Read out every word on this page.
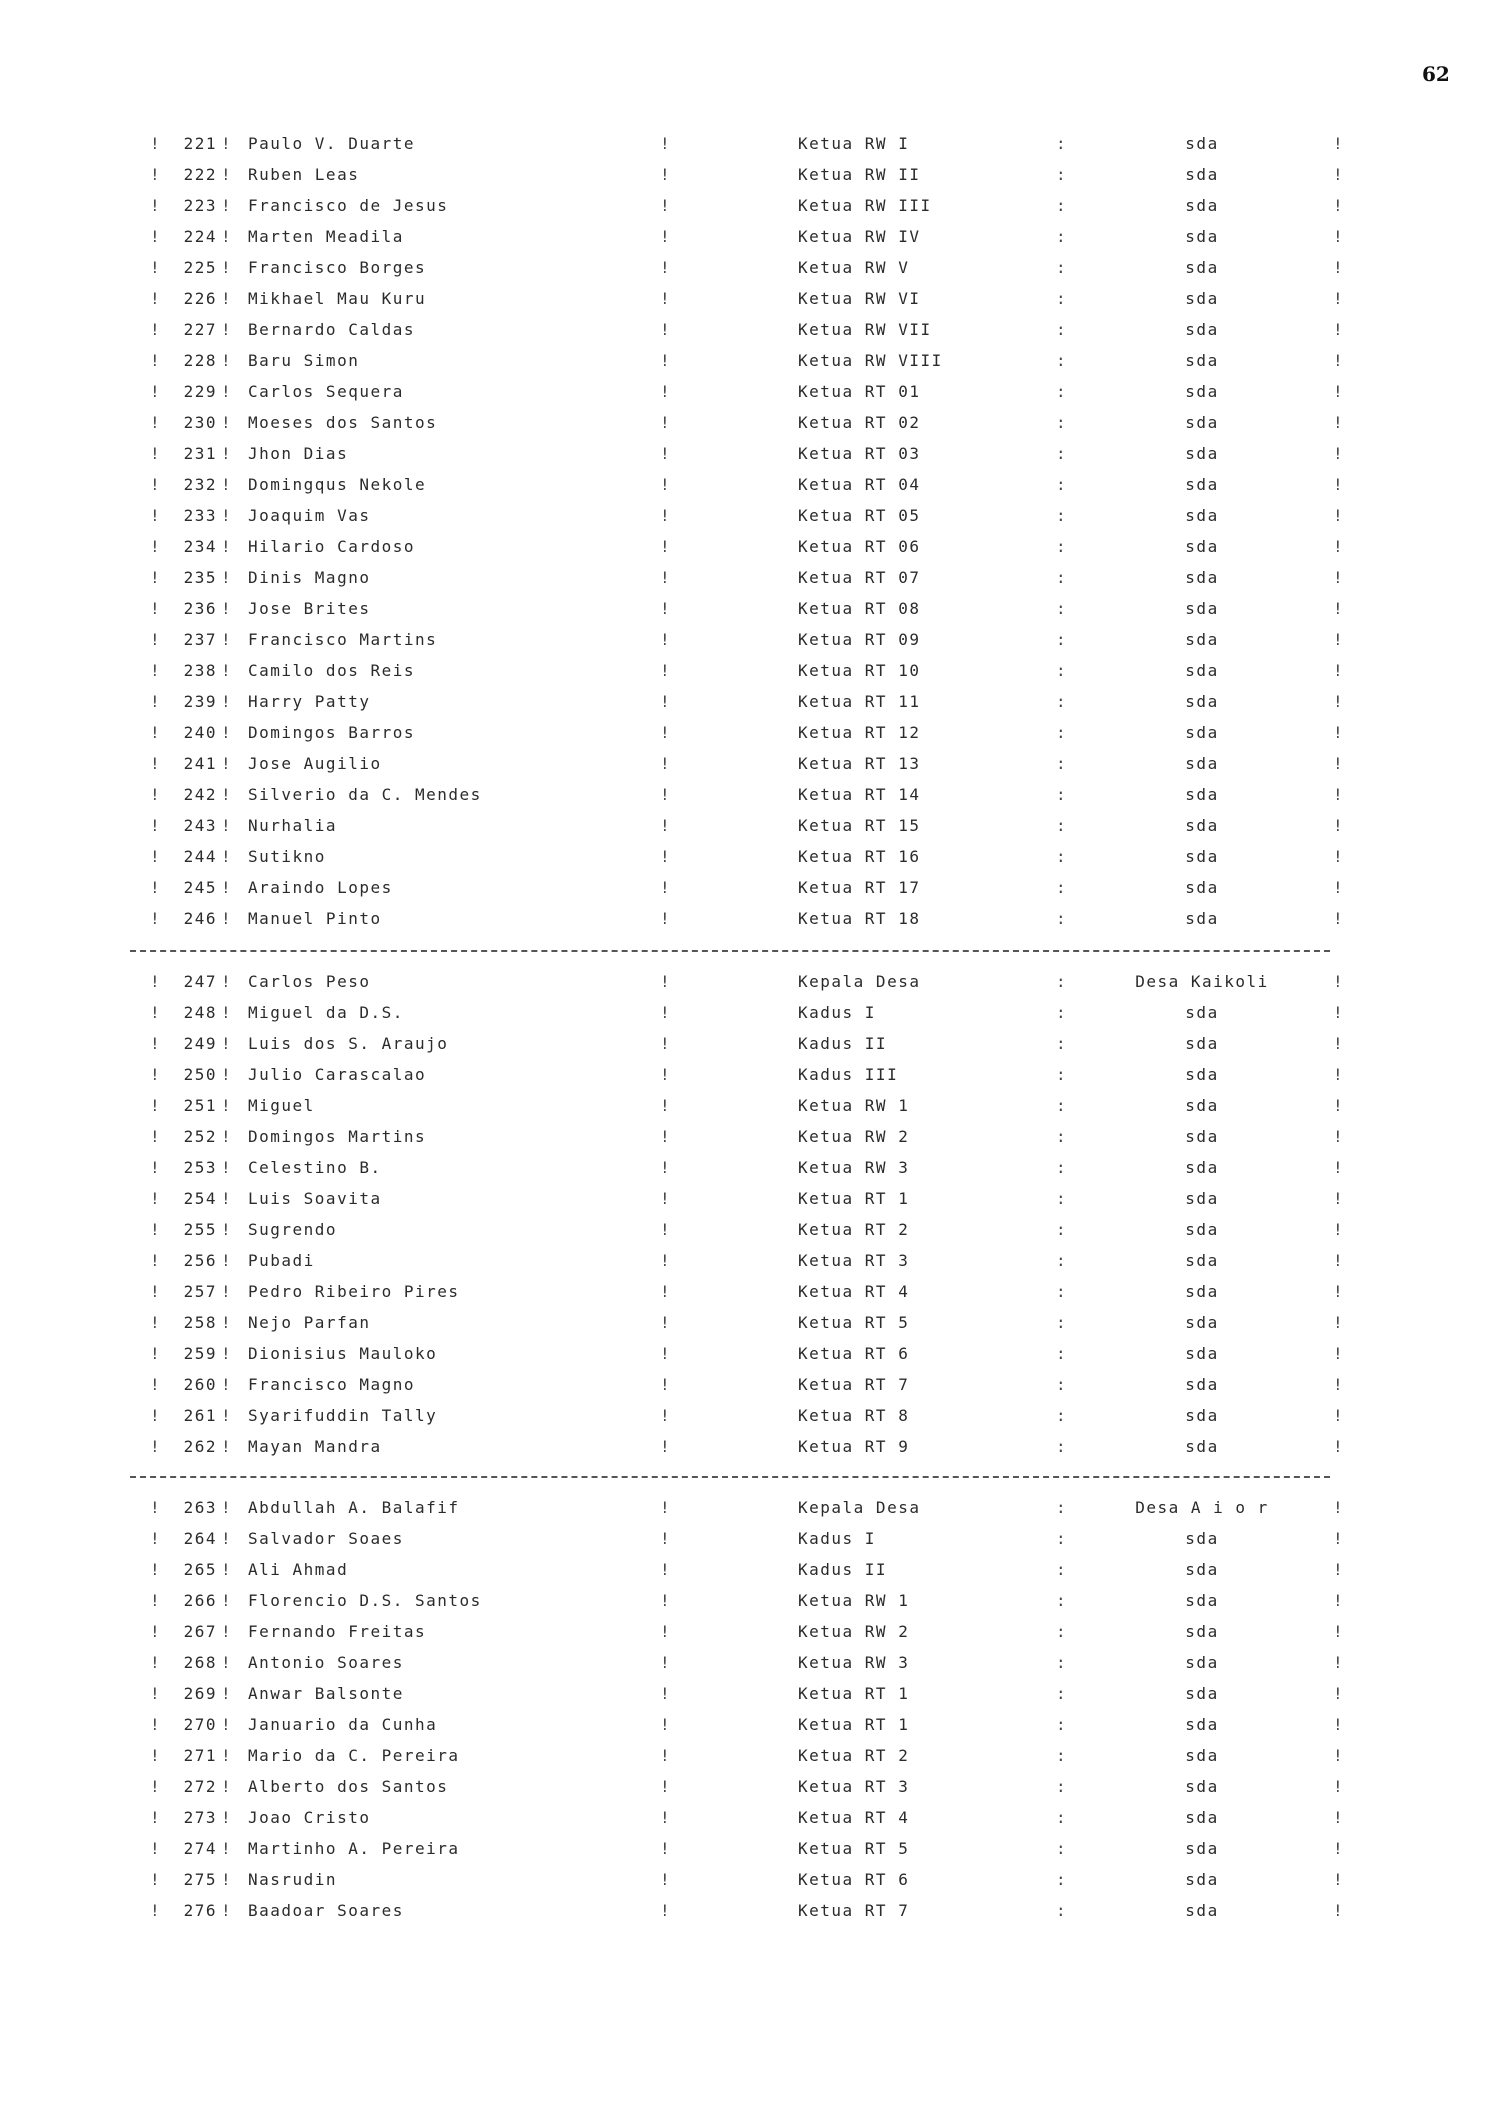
62
!	221 ! Paulo V. Duarte	!	Ketua RW I	:	sda	!
!	222 ! Ruben Leas	!	Ketua RW II	:	sda	!
!	223 ! Francisco de Jesus	!	Ketua RW III	:	sda	!
!	224 ! Marten Meadila	!	Ketua RW IV	:	sda	!
!	225 ! Francisco Borges	!	Ketua RW V	:	sda	!
!	226 ! Mikhael Mau Kuru	!	Ketua RW VI	:	sda	!
!	227 ! Bernardo Caldas	!	Ketua RW VII	:	sda	!
!	228 ! Baru Simon	!	Ketua RW VIII	:	sda	!
!	229 ! Carlos Sequera	!	Ketua RT 01	:	sda	!
!	230 ! Moeses dos Santos	!	Ketua RT 02	:	sda	!
!	231 ! Jhon Dias	!	Ketua RT 03	:	sda	!
!	232 ! Domingqus Nekole	!	Ketua RT 04	:	sda	!
!	233 ! Joaquim Vas	!	Ketua RT 05	:	sda	!
!	234 ! Hilario Cardoso	!	Ketua RT 06	:	sda	!
!	235 ! Dinis Magno	!	Ketua RT 07	:	sda	!
!	236 ! Jose Brites	!	Ketua RT 08	:	sda	!
!	237 ! Francisco Martins	!	Ketua RT 09	:	sda	!
!	238 ! Camilo dos Reis	!	Ketua RT 10	:	sda	!
!	239 ! Harry Patty	!	Ketua RT 11	:	sda	!
!	240 ! Domingos Barros	!	Ketua RT 12	:	sda	!
!	241 ! Jose Augilio	!	Ketua RT 13	:	sda	!
!	242 ! Silverio da C. Mendes	!	Ketua RT 14	:	sda	!
!	243 ! Nurhalia	!	Ketua RT 15	:	sda	!
!	244 ! Sutikno	!	Ketua RT 16	:	sda	!
!	245 ! Araindo Lopes	!	Ketua RT 17	:	sda	!
!	246 ! Manuel Pinto	!	Ketua RT 18	:	sda	!
!	247 ! Carlos Peso	!	Kepala Desa	:	Desa Kaikoli	!
!	248 ! Miguel da D.S.	!	Kadus I	:	sda	!
!	249 ! Luis dos S. Araujo	!	Kadus II	:	sda	!
!	250 ! Julio Carascalao	!	Kadus III	:	sda	!
!	251 ! Miguel	!	Ketua RW 1	:	sda	!
!	252 ! Domingos Martins	!	Ketua RW 2	:	sda	!
!	253 ! Celestino B.	!	Ketua RW 3	:	sda	!
!	254 ! Luis Soavita	!	Ketua RT 1	:	sda	!
!	255 ! Sugrendo	!	Ketua RT 2	:	sda	!
!	256 ! Pubadi	!	Ketua RT 3	:	sda	!
!	257 ! Pedro Ribeiro Pires	!	Ketua RT 4	:	sda	!
!	258 ! Nejo Parfan	!	Ketua RT 5	:	sda	!
!	259 ! Dionisius Mauloko	!	Ketua RT 6	:	sda	!
!	260 ! Francisco Magno	!	Ketua RT 7	:	sda	!
!	261 ! Syarifuddin Tally	!	Ketua RT 8	:	sda	!
!	262 ! Mayan Mandra	!	Ketua RT 9	:	sda	!
!	263 ! Abdullah A. Balafif	!	Kepala Desa	:	Desa A i o r	!
!	264 ! Salvador Soaes	!	Kadus I	:	sda	!
!	265 ! Ali Ahmad	!	Kadus II	:	sda	!
!	266 ! Florencio D.S. Santos	!	Ketua RW 1	:	sda	!
!	267 ! Fernando Freitas	!	Ketua RW 2	:	sda	!
!	268 ! Antonio Soares	!	Ketua RW 3	:	sda	!
!	269 ! Anwar Balsonte	!	Ketua RT 1	:	sda	!
!	270 ! Januario da Cunha	!	Ketua RT 1	:	sda	!
!	271 ! Mario da C. Pereira	!	Ketua RT 2	:	sda	!
!	272 ! Alberto dos Santos	!	Ketua RT 3	:	sda	!
!	273 ! Joao Cristo	!	Ketua RT 4	:	sda	!
!	274 ! Martinho A. Pereira	!	Ketua RT 5	:	sda	!
!	275 ! Nasrudin	!	Ketua RT 6	:	sda	!
!	276 ! Baadoar Soares	!	Ketua RT 7	:	sda	!
